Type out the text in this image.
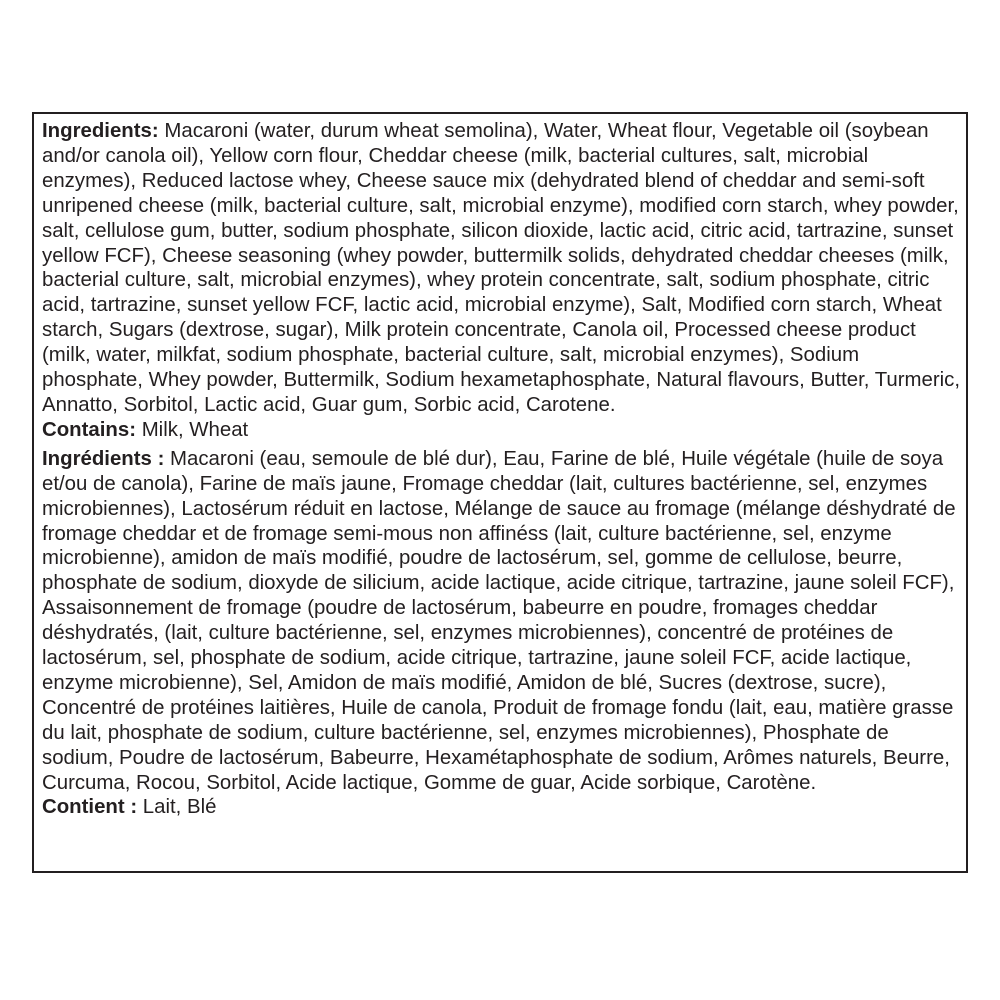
Ingredients: Macaroni (water, durum wheat semolina), Water, Wheat flour, Vegetable oil (soybean and/or canola oil), Yellow corn flour, Cheddar cheese (milk, bacterial cultures, salt, microbial enzymes), Reduced lactose whey, Cheese sauce mix (dehydrated blend of cheddar and semi-soft unripened cheese (milk, bacterial culture, salt, microbial enzyme), modified corn starch, whey powder, salt, cellulose gum, butter, sodium phosphate, silicon dioxide, lactic acid, citric acid, tartrazine, sunset yellow FCF), Cheese seasoning (whey powder, buttermilk solids, dehydrated cheddar cheeses (milk, bacterial culture, salt, microbial enzymes), whey protein concentrate, salt, sodium phosphate, citric acid, tartrazine, sunset yellow FCF, lactic acid, microbial enzyme), Salt, Modified corn starch, Wheat starch, Sugars (dextrose, sugar), Milk protein concentrate, Canola oil, Processed cheese product (milk, water, milkfat, sodium phosphate, bacterial culture, salt, microbial enzymes), Sodium phosphate, Whey powder, Buttermilk, Sodium hexametaphosphate, Natural flavours, Butter, Turmeric, Annatto, Sorbitol, Lactic acid, Guar gum, Sorbic acid, Carotene.

Contains: Milk, Wheat

Ingrédients : Macaroni (eau, semoule de blé dur), Eau, Farine de blé, Huile végétale (huile de soya et/ou de canola), Farine de maïs jaune, Fromage cheddar (lait, cultures bactérienne, sel, enzymes microbiennes), Lactosérum réduit en lactose, Mélange de sauce au fromage (mélange déshydraté de fromage cheddar et de fromage semi-mous non affinéss (lait, culture bactérienne, sel, enzyme microbienne), amidon de maïs modifié, poudre de lactosérum, sel, gomme de cellulose, beurre, phosphate de sodium, dioxyde de silicium, acide lactique, acide citrique, tartrazine, jaune soleil FCF), Assaisonnement de fromage (poudre de lactosérum, babeurre en poudre, fromages cheddar déshydratés, (lait, culture bactérienne, sel, enzymes microbiennes), concentré de protéines de lactosérum, sel, phosphate de sodium, acide citrique, tartrazine, jaune soleil FCF, acide lactique, enzyme microbienne), Sel, Amidon de maïs modifié, Amidon de blé, Sucres (dextrose, sucre), Concentré de protéines laitières, Huile de canola, Produit de fromage fondu (lait, eau, matière grasse du lait, phosphate de sodium, culture bactérienne, sel, enzymes microbiennes), Phosphate de sodium, Poudre de lactosérum, Babeurre, Hexamétaphosphate de sodium, Arômes naturels, Beurre, Curcuma, Rocou, Sorbitol, Acide lactique, Gomme de guar, Acide sorbique, Carotène.

Contient : Lait, Blé
